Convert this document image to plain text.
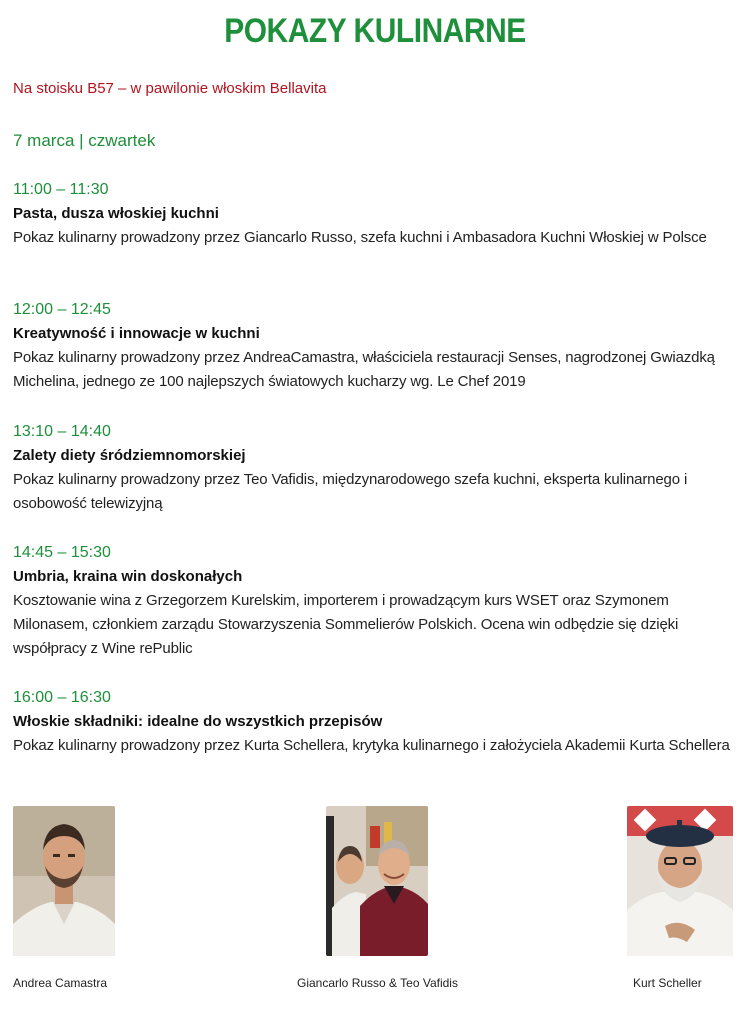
POKAZY KULINARNE
Na stoisku B57 – w pawilonie włoskim Bellavita
7 marca | czwartek
11:00 – 11:30
Pasta, dusza włoskiej kuchni
Pokaz kulinarny prowadzony przez Giancarlo Russo, szefa kuchni i Ambasadora Kuchni Włoskiej w Polsce
12:00 – 12:45
Kreatywność i innowacje w kuchni
Pokaz kulinarny prowadzony przez AndreaCamastra, właściciela restauracji Senses, nagrodzonej Gwiazdką Michelina, jednego ze 100 najlepszych światowych kucharzy wg. Le Chef 2019
13:10 – 14:40
Zalety diety śródziemnomorskiej
Pokaz kulinarny prowadzony przez Teo Vafidis, międzynarodowego szefa kuchni, eksperta kulinarnego i osobowość telewizyjną
14:45 – 15:30
Umbria, kraina win doskonałych
Kosztowanie wina z Grzegorzem Kurelskim, importerem i prowadzącym kurs WSET oraz Szymonem Milonasem, członkiem zarządu Stowarzyszenia Sommelierów Polskich. Ocena win odbędzie się dzięki współpracy z Wine rePublic
16:00 – 16:30
Włoskie składniki: idealne do wszystkich przepisów
Pokaz kulinarny prowadzony przez Kurta Schellera, krytyka kulinarnego i założyciela Akademii Kurta Schellera
Andrea Camastra	Giancarlo Russo & Teo Vafidis	Kurt Scheller
